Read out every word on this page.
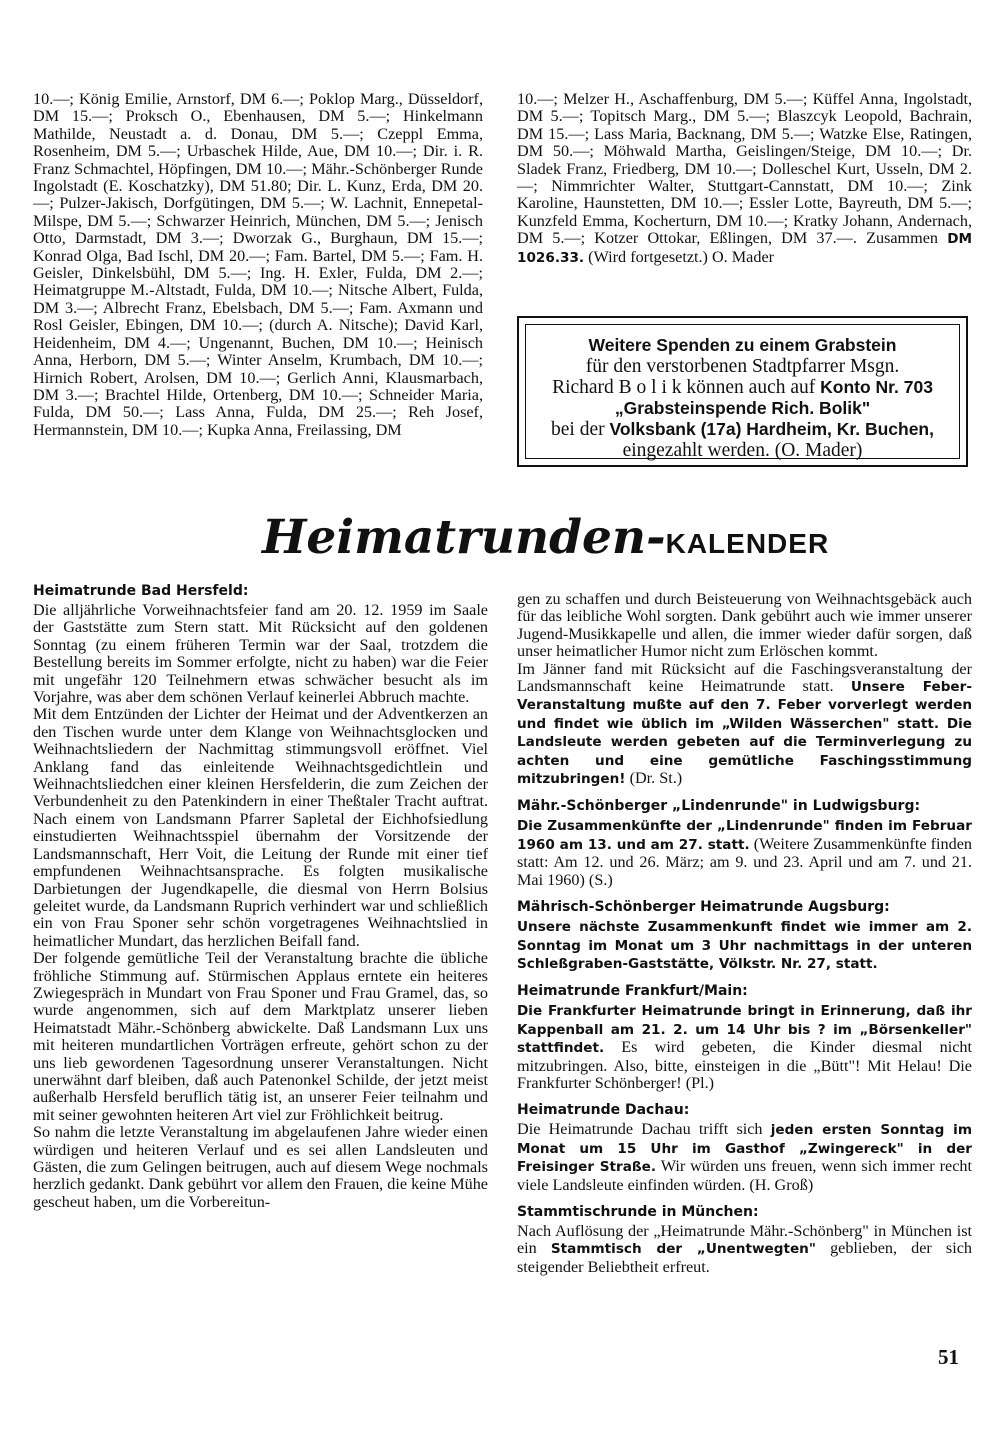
10.—; König Emilie, Arnstorf, DM 6.—; Poklop Marg., Düsseldorf, DM 15.—; Proksch O., Ebenhausen, DM 5.—; Hinkelmann Mathilde, Neustadt a. d. Donau, DM 5.—; Czeppl Emma, Rosenheim, DM 5.—; Urbaschek Hilde, Aue, DM 10.—; Dir. i. R. Franz Schmachtel, Höpfingen, DM 10.—; Mähr.-Schönberger Runde Ingolstadt (E. Koschatzky), DM 51.80; Dir. L. Kunz, Erda, DM 20.—; Pulzer-Jakisch, Dorfgütingen, DM 5.—; W. Lachnit, Ennepetal-Milspe, DM 5.—; Schwarzer Heinrich, München, DM 5.—; Jenisch Otto, Darmstadt, DM 3.—; Dworzak G., Burghaun, DM 15.—; Konrad Olga, Bad Ischl, DM 20.—; Fam. Bartel, DM 5.—; Fam. H. Geisler, Dinkelsbühl, DM 5.—; Ing. H. Exler, Fulda, DM 2.—; Heimatgruppe M.-Altstadt, Fulda, DM 10.—; Nitsche Albert, Fulda, DM 3.—; Albrecht Franz, Ebelsbach, DM 5.—; Fam. Axmann und Rosl Geisler, Ebingen, DM 10.—; (durch A. Nitsche); David Karl, Heidenheim, DM 4.—; Ungenannt, Buchen, DM 10.—; Heinisch Anna, Herborn, DM 5.—; Winter Anselm, Krumbach, DM 10.—; Hirnich Robert, Arolsen, DM 10.—; Gerlich Anni, Klausmarbach, DM 3.—; Brachtel Hilde, Ortenberg, DM 10.—; Schneider Maria, Fulda, DM 50.—; Lass Anna, Fulda, DM 25.—; Reh Josef, Hermannstein, DM 10.—; Kupka Anna, Freilassing, DM

10.—; Melzer H., Aschaffenburg, DM 5.—; Küffel Anna, Ingolstadt, DM 5.—; Topitsch Marg., DM 5.—; Blaszcyk Leopold, Bachrain, DM 15.—; Lass Maria, Backnang, DM 5.—; Watzke Else, Ratingen, DM 50.—; Möhwald Martha, Geislingen/Steige, DM 10.—; Dr. Sladek Franz, Friedberg, DM 10.—; Dolleschel Kurt, Usseln, DM 2.—; Nimmrichter Walter, Stuttgart-Cannstatt, DM 10.—; Zink Karoline, Haunstetten, DM 10.—; Essler Lotte, Bayreuth, DM 5.—; Kunzfeld Emma, Kocherturn, DM 10.—; Kratky Johann, Andernach, DM 5.—; Kotzer Ottokar, Eßlingen, DM 37.—. Zusammen DM 1026.33. (Wird fortgesetzt.) O. Mader

Weitere Spenden zu einem Grabstein
für den verstorbenen Stadtpfarrer Msgn.
Richard B o l i k können auch auf Konto Nr. 703 „Grabsteinspende Rich. Bolik"
bei der Volksbank (17a) Hardheim, Kr. Buchen, eingezahlt werden. (O. Mader)
Heimatrunden-KALENDER

Heimatrunde Bad Hersfeld:

Die alljährliche Vorweihnachtsfeier fand am 20. 12. 1959 im Saale der Gaststätte zum Stern statt. Mit Rücksicht auf den goldenen Sonntag (zu einem früheren Termin war der Saal, trotzdem die Bestellung bereits im Sommer erfolgte, nicht zu haben) war die Feier mit ungefähr 120 Teilnehmern etwas schwächer besucht als im Vorjahre, was aber dem schönen Verlauf keinerlei Abbruch machte.

Mit dem Entzünden der Lichter der Heimat und der Adventkerzen an den Tischen wurde unter dem Klange von Weihnachtsglocken und Weihnachtsliedern der Nachmittag stimmungsvoll eröffnet. Viel Anklang fand das einleitende Weihnachtsgedichtlein und Weihnachtsliedchen einer kleinen Hersfelderin, die zum Zeichen der Verbundenheit zu den Patenkindern in einer Theßtaler Tracht auftrat. Nach einem von Landsmann Pfarrer Sapletal der Eichhofsiedlung einstudierten Weihnachtsspiel übernahm der Vorsitzende der Landsmannschaft, Herr Voit, die Leitung der Runde mit einer tief empfundenen Weihnachtsansprache. Es folgten musikalische Darbietungen der Jugendkapelle, die diesmal von Herrn Bolsius geleitet wurde, da Landsmann Ruprich verhindert war und schließlich ein von Frau Sponer sehr schön vorgetragenes Weihnachtslied in heimatlicher Mundart, das herzlichen Beifall fand.

Der folgende gemütliche Teil der Veranstaltung brachte die übliche fröhliche Stimmung auf. Stürmischen Applaus erntete ein heiteres Zwiegespräch in Mundart von Frau Sponer und Frau Gramel, das, so wurde angenommen, sich auf dem Marktplatz unserer lieben Heimatstadt Mähr.-Schönberg abwickelte. Daß Landsmann Lux uns mit heiteren mundartlichen Vorträgen erfreute, gehört schon zu der uns lieb gewordenen Tagesordnung unserer Veranstaltungen. Nicht unerwähnt darf bleiben, daß auch Patenonkel Schilde, der jetzt meist außerhalb Hersfeld beruflich tätig ist, an unserer Feier teilnahm und mit seiner gewohnten heiteren Art viel zur Fröhlichkeit beitrug.

So nahm die letzte Veranstaltung im abgelaufenen Jahre wieder einen würdigen und heiteren Verlauf und es sei allen Landsleuten und Gästen, die zum Gelingen beitrugen, auch auf diesem Wege nochmals herzlich gedankt. Dank gebührt vor allem den Frauen, die keine Mühe gescheut haben, um die Vorbereitun-

gen zu schaffen und durch Beisteuerung von Weihnachtsgebäck auch für das leibliche Wohl sorgten. Dank gebührt auch wie immer unserer Jugend-Musikkapelle und allen, die immer wieder dafür sorgen, daß unser heimatlicher Humor nicht zum Erlöschen kommt.

Im Jänner fand mit Rücksicht auf die Faschingsveranstaltung der Landsmannschaft keine Heimatrunde statt. Unsere Feber-Veranstaltung mußte auf den 7. Feber vorverlegt werden und findet wie üblich im „Wilden Wässerchen" statt. Die Landsleute werden gebeten auf die Terminverlegung zu achten und eine gemütliche Faschingsstimmung mitzubringen! (Dr. St.)

Mähr.-Schönberger „Lindenrunde" in Ludwigsburg:

Die Zusammenkünfte der „Lindenrunde" finden im Februar 1960 am 13. und am 27. statt. (Weitere Zusammenkünfte finden statt: Am 12. und 26. März; am 9. und 23. April und am 7. und 21. Mai 1960) (S.)

Mährisch-Schönberger Heimatrunde Augsburg:

Unsere nächste Zusammenkunft findet wie immer am 2. Sonntag im Monat um 3 Uhr nachmittags in der unteren Schleßgraben-Gaststätte, Völkstr. Nr. 27, statt.

Heimatrunde Frankfurt/Main:

Die Frankfurter Heimatrunde bringt in Erinnerung, daß ihr Kappenball am 21. 2. um 14 Uhr bis ? im „Börsenkeller" stattfindet. Es wird gebeten, die Kinder diesmal nicht mitzubringen. Also, bitte, einsteigen in die „Bütt"! Mit Helau! Die Frankfurter Schönberger! (Pl.)

Heimatrunde Dachau:

Die Heimatrunde Dachau trifft sich jeden ersten Sonntag im Monat um 15 Uhr im Gasthof „Zwingereck" in der Freisinger Straße. Wir würden uns freuen, wenn sich immer recht viele Landsleute einfinden würden. (H. Groß)

Stammtischrunde in München:

Nach Auflösung der „Heimatrunde Mähr.-Schönberg" in München ist ein Stammtisch der „Unentwegten" geblieben, der sich steigender Beliebtheit erfreut.

51
